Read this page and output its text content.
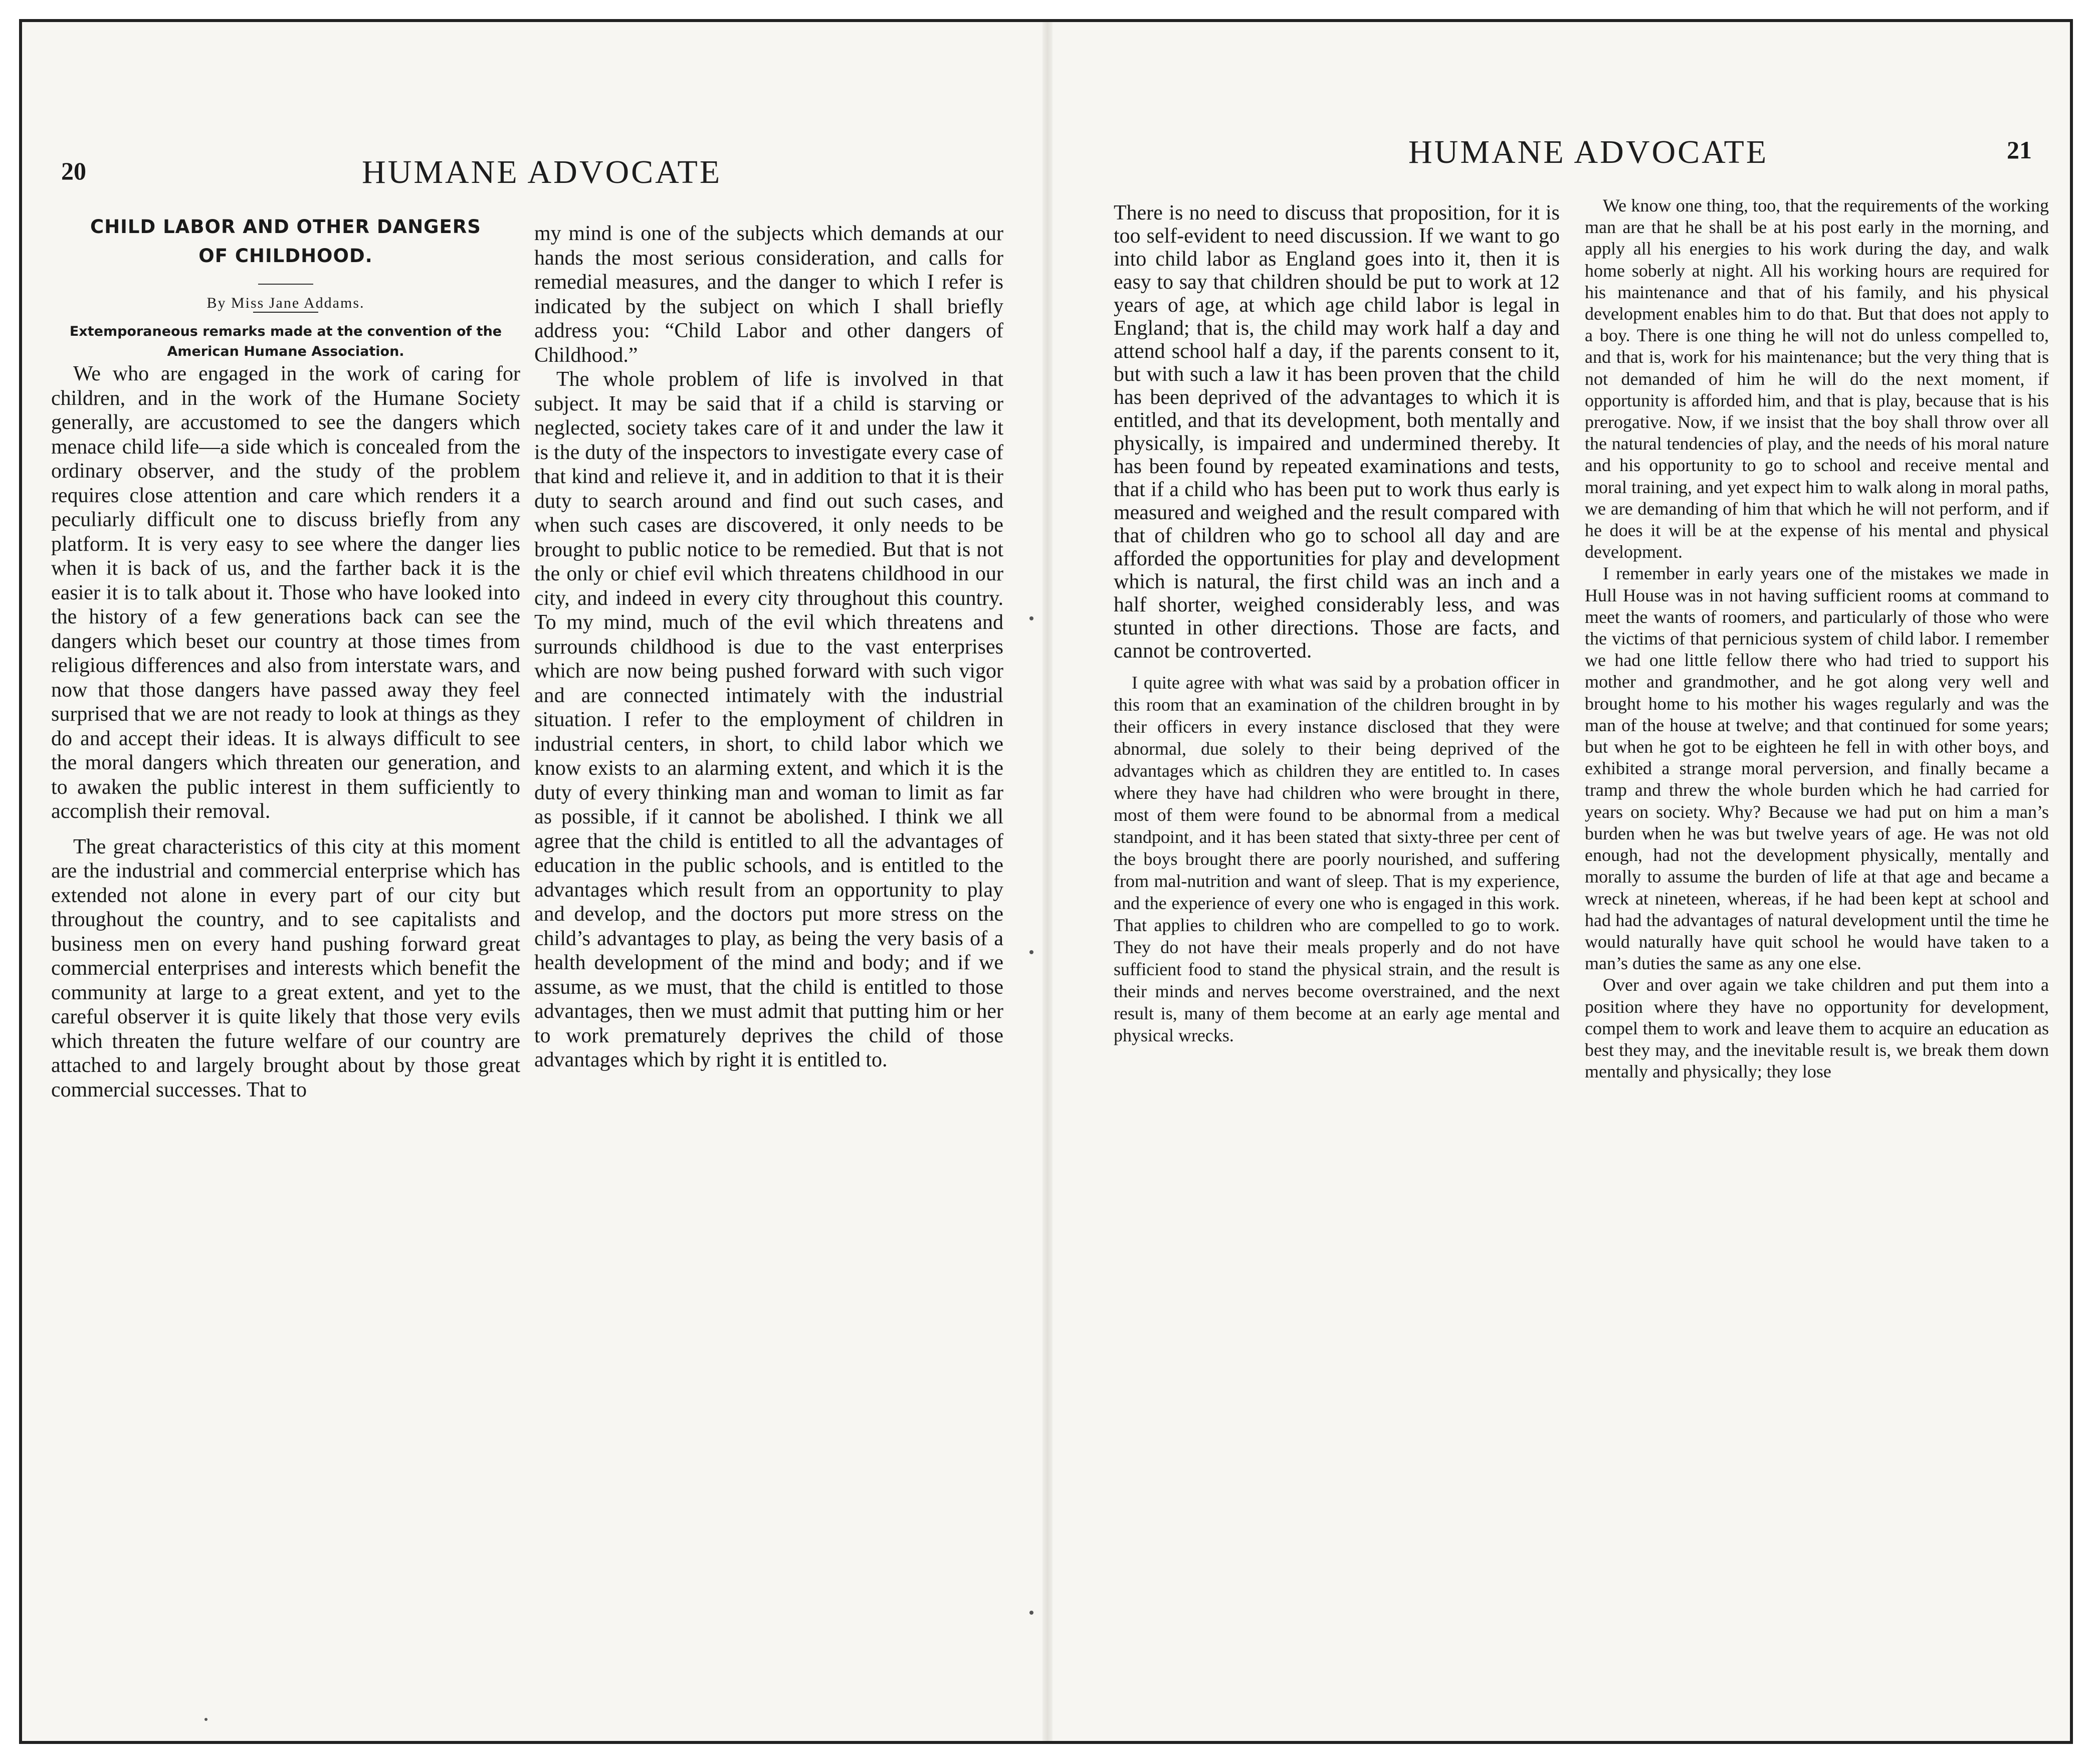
20	HUMANE ADVOCATE
CHILD LABOR AND OTHER DANGERS
OF CHILDHOOD.

By Miss Jane Addams.

Extemporaneous remarks made at the convention of the American Humane Association.

We who are engaged in the work of caring for children, and in the work of the Humane Society generally, are accustomed to see the dangers which menace child life—a side which is concealed from the ordinary observer, and the study of the problem requires close attention and care which renders it a peculiarly difficult one to discuss briefly from any platform. It is very easy to see where the danger lies when it is back of us, and the farther back it is the easier it is to talk about it. Those who have looked into the history of a few generations back can see the dangers which beset our country at those times from religious differences and also from interstate wars, and now that those dangers have passed away they feel surprised that we are not ready to look at things as they do and accept their ideas. It is always difficult to see the moral dangers which threaten our generation, and to awaken the public interest in them sufficiently to accomplish their removal.

The great characteristics of this city at this moment are the industrial and commercial enterprise which has extended not alone in every part of our city but throughout the country, and to see capitalists and business men on every hand pushing forward great commercial enterprises and interests which benefit the community at large to a great extent, and yet to the careful observer it is quite likely that those very evils which threaten the future welfare of our country are attached to and largely brought about by those great commercial successes. That to

my mind is one of the subjects which demands at our hands the most serious consideration, and calls for remedial measures, and the danger to which I refer is indicated by the subject on which I shall briefly address you: “Child Labor and other dangers of Childhood.”

The whole problem of life is involved in that subject. It may be said that if a child is starving or neglected, society takes care of it and under the law it is the duty of the inspectors to investigate every case of that kind and relieve it, and in addition to that it is their duty to search around and find out such cases, and when such cases are discovered, it only needs to be brought to public notice to be remedied. But that is not the only or chief evil which threatens childhood in our city, and indeed in every city throughout this country. To my mind, much of the evil which threatens and surrounds childhood is due to the vast enterprises which are now being pushed forward with such vigor and are connected intimately with the industrial situation. I refer to the employment of children in industrial centers, in short, to child labor which we know exists to an alarming extent, and which it is the duty of every thinking man and woman to limit as far as possible, if it cannot be abolished. I think we all agree that the child is entitled to all the advantages of education in the public schools, and is entitled to the advantages which result from an opportunity to play and develop, and the doctors put more stress on the child’s advantages to play, as being the very basis of a health development of the mind and body; and if we assume, as we must, that the child is entitled to those advantages, then we must admit that putting him or her to work prematurely deprives the child of those advantages which by right it is entitled to.

HUMANE ADVOCATE	21

There is no need to discuss that proposition, for it is too self-evident to need discussion. If we want to go into child labor as England goes into it, then it is easy to say that children should be put to work at 12 years of age, at which age child labor is legal in England; that is, the child may work half a day and attend school half a day, if the parents consent to it, but with such a law it has been proven that the child has been deprived of the advantages to which it is entitled, and that its development, both mentally and physically, is impaired and undermined thereby. It has been found by repeated examinations and tests, that if a child who has been put to work thus early is measured and weighed and the result compared with that of children who go to school all day and are afforded the opportunities for play and development which is natural, the first child was an inch and a half shorter, weighed considerably less, and was stunted in other directions. Those are facts, and cannot be controverted.

I quite agree with what was said by a probation officer in this room that an examination of the children brought in by their officers in every instance disclosed that they were abnormal, due solely to their being deprived of the advantages which as children they are entitled to. In cases where they have had children who were brought in there, most of them were found to be abnormal from a medical standpoint, and it has been stated that sixty-three per cent of the boys brought there are poorly nourished, and suffering from mal-nutrition and want of sleep. That is my experience, and the experience of every one who is engaged in this work. That applies to children who are compelled to go to work. They do not have their meals properly and do not have sufficient food to stand the physical strain, and the result is their minds and nerves become overstrained, and the next result is, many of them become at an early age mental and physical wrecks.

We know one thing, too, that the requirements of the working man are that he shall be at his post early in the morning, and apply all his energies to his work during the day, and walk home soberly at night. All his working hours are required for his maintenance and that of his family, and his physical development enables him to do that. But that does not apply to a boy. There is one thing he will not do unless compelled to, and that is, work for his maintenance; but the very thing that is not demanded of him he will do the next moment, if opportunity is afforded him, and that is play, because that is his prerogative. Now, if we insist that the boy shall throw over all the natural tendencies of play, and the needs of his moral nature and his opportunity to go to school and receive mental and moral training, and yet expect him to walk along in moral paths, we are demanding of him that which he will not perform, and if he does it will be at the expense of his mental and physical development.

I remember in early years one of the mistakes we made in Hull House was in not having sufficient rooms at command to meet the wants of roomers, and particularly of those who were the victims of that pernicious system of child labor. I remember we had one little fellow there who had tried to support his mother and grandmother, and he got along very well and brought home to his mother his wages regularly and was the man of the house at twelve; and that continued for some years; but when he got to be eighteen he fell in with other boys, and exhibited a strange moral perversion, and finally became a tramp and threw the whole burden which he had carried for years on society. Why? Because we had put on him a man’s burden when he was but twelve years of age. He was not old enough, had not the development physically, mentally and morally to assume the burden of life at that age and became a wreck at nineteen, whereas, if he had been kept at school and had had the advantages of natural development until the time he would naturally have quit school he would have taken to a man’s duties the same as any one else.

Over and over again we take children and put them into a position where they have no opportunity for development, compel them to work and leave them to acquire an education as best they may, and the inevitable result is, we break them down mentally and physically; they lose
